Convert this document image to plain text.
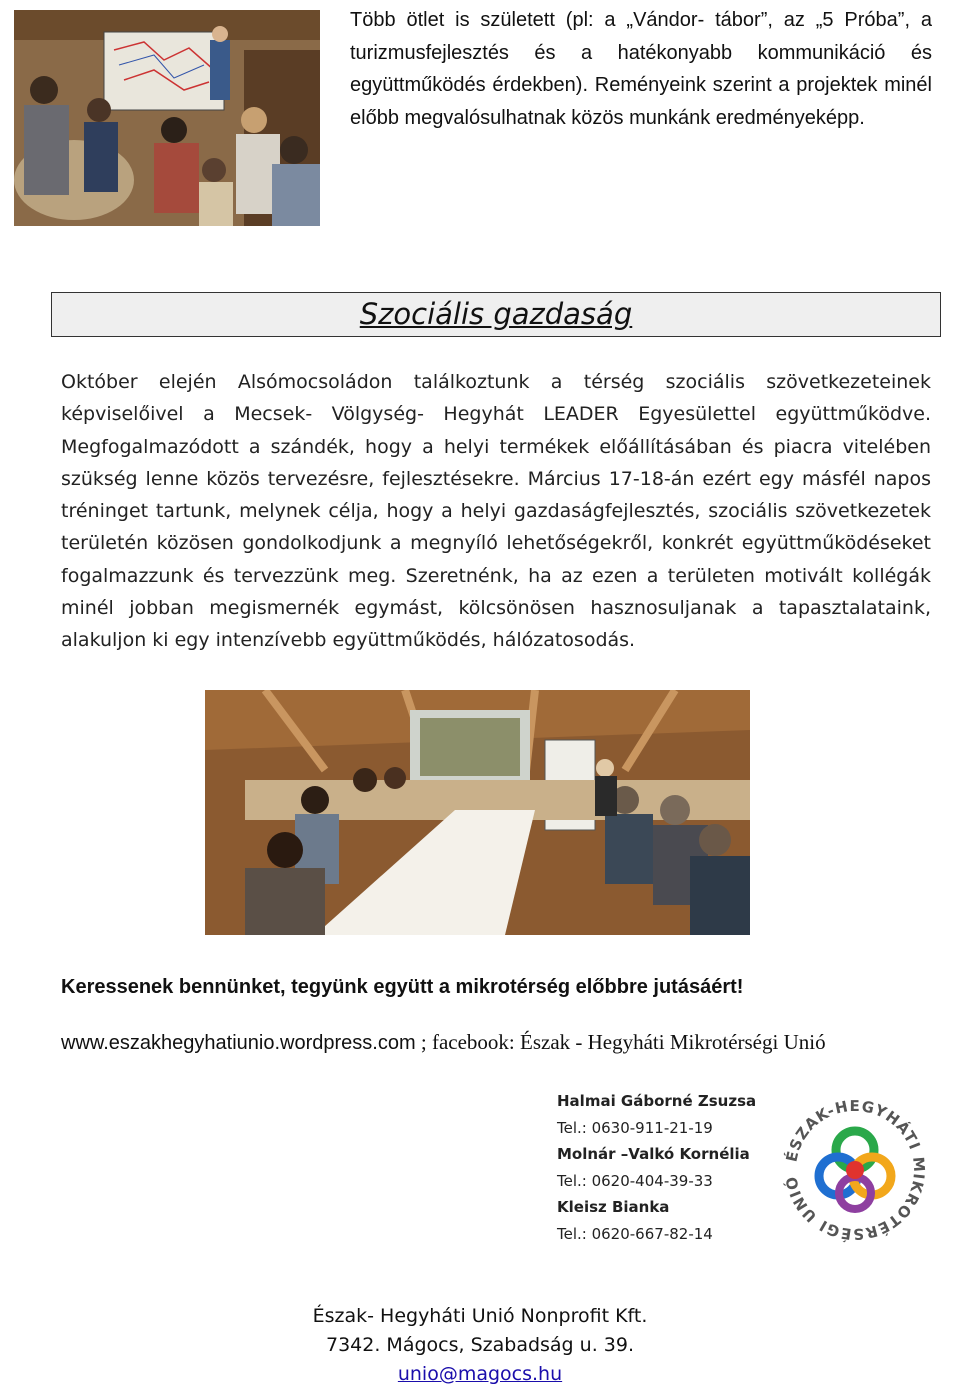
Több ötlet is született (pl: a „Vándor- tábor”, az „5 Próba”, a turizmusfejlesztés és a hatékonyabb kommunikáció és együttműködés érdekben). Reményeink szerint a projektek minél előbb megvalósulhatnak közös munkánk eredményeképp.
Szociális gazdaság
Október elején Alsómocsoládon találkoztunk a térség szociális szövetkezeteinek képviselőivel a Mecsek- Völgység- Hegyhát LEADER Egyesülettel együttműködve. Megfogalmazódott a szándék, hogy a helyi termékek előállításában és piacra vitelében szükség lenne közös tervezésre, fejlesztésekre. Március 17-18-án ezért egy másfél napos tréninget tartunk, melynek célja, hogy a helyi gazdaságfejlesztés, szociális szövetkezetek területén közösen gondolkodjunk a megnyíló lehetőségekről, konkrét együttműködéseket fogalmazzunk és tervezzünk meg. Szeretnénk, ha az ezen a területen motivált kollégák minél jobban megismernék egymást, kölcsönösen hasznosuljanak a tapasztalataink, alakuljon ki egy intenzívebb együttműködés, hálózatosodás.
Keressenek bennünket, tegyünk együtt a mikrotérség előbbre jutásáért!
www.eszakhegyhatiunio.wordpress.com ; facebook: Észak - Hegyháti Mikrotérségi Unió
Halmai Gáborné Zsuzsa
Tel.: 0630-911-21-19
Molnár –Valkó Kornélia
Tel.: 0620-404-39-33
Kleisz Bianka
Tel.: 0620-667-82-14
ÉSZAK-HEGYHÁTI MIKROTÉRSÉGI UNIÓ
Észak- Hegyháti Unió Nonprofit Kft.
7342. Mágocs, Szabadság u. 39.
unio@magocs.hu
